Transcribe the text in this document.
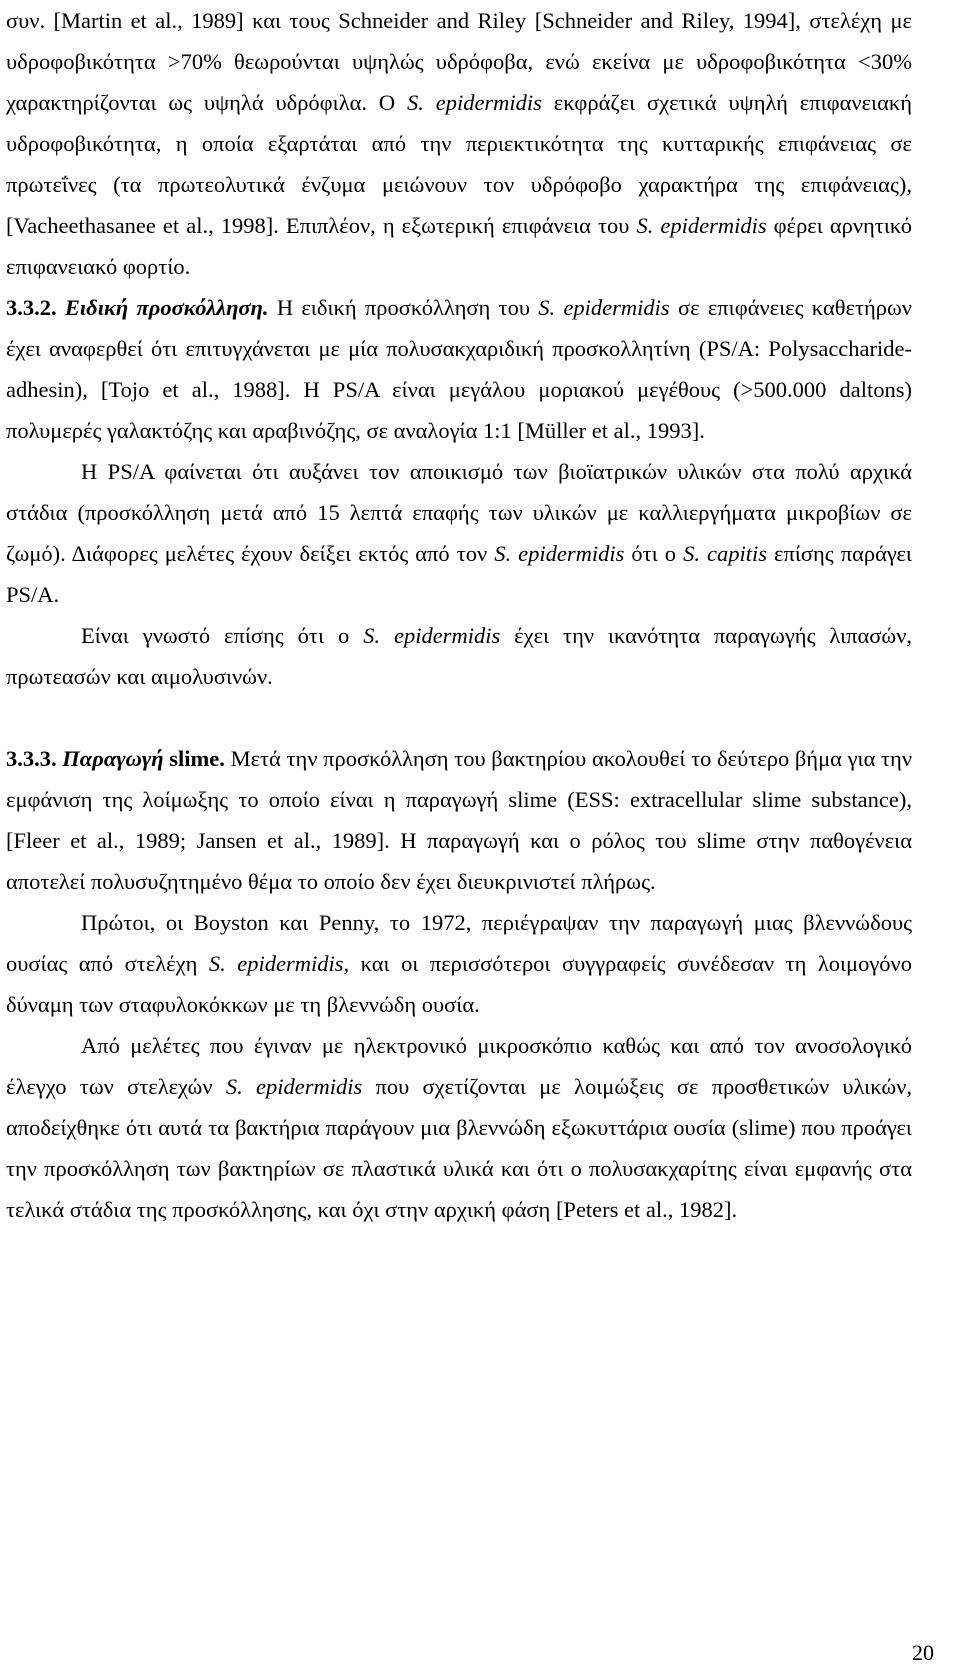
συν. [Martin et al., 1989] και τους Schneider and Riley [Schneider and Riley, 1994], στελέχη με υδροφοβικότητα >70% θεωρούνται υψηλώς υδρόφοβα, ενώ εκείνα με υδροφοβικότητα <30% χαρακτηρίζονται ως υψηλά υδρόφιλα. Ο S. epidermidis εκφράζει σχετικά υψηλή επιφανειακή υδροφοβικότητα, η οποία εξαρτάται από την περιεκτικότητα της κυτταρικής επιφάνειας σε πρωτεΐνες (τα πρωτεολυτικά ένζυμα μειώνουν τον υδρόφοβο χαρακτήρα της επιφάνειας), [Vacheethasanee et al., 1998]. Επιπλέον, η εξωτερική επιφάνεια του S. epidermidis φέρει αρνητικό επιφανειακό φορτίο.

3.3.2. Ειδική προσκόλληση. Η ειδική προσκόλληση του S. epidermidis σε επιφάνειες καθετήρων έχει αναφερθεί ότι επιτυγχάνεται με μία πολυσακχαριδική προσκολλητίνη (PS/A: Polysaccharide-adhesin), [Tojo et al., 1988]. Η PS/A είναι μεγάλου μοριακού μεγέθους (>500.000 daltons) πολυμερές γαλακτόζης και αραβινόζης, σε αναλογία 1:1 [Müller et al., 1993].

Η PS/A φαίνεται ότι αυξάνει τον αποικισμό των βιοϊατρικών υλικών στα πολύ αρχικά στάδια (προσκόλληση μετά από 15 λεπτά επαφής των υλικών με καλλιεργήματα μικροβίων σε ζωμό). Διάφορες μελέτες έχουν δείξει εκτός από τον S. epidermidis ότι ο S. capitis επίσης παράγει PS/A.

Είναι γνωστό επίσης ότι ο S. epidermidis έχει την ικανότητα παραγωγής λιπασών, πρωτεασών και αιμολυσινών.

3.3.3. Παραγωγή slime. Μετά την προσκόλληση του βακτηρίου ακολουθεί το δεύτερο βήμα για την εμφάνιση της λοίμωξης το οποίο είναι η παραγωγή slime (ESS: extracellular slime substance), [Fleer et al., 1989; Jansen et al., 1989]. Η παραγωγή και ο ρόλος του slime στην παθογένεια αποτελεί πολυσυζητημένο θέμα το οποίο δεν έχει διευκρινιστεί πλήρως.

Πρώτοι, οι Boyston και Penny, το 1972, περιέγραψαν την παραγωγή μιας βλεννώδους ουσίας από στελέχη S. epidermidis, και οι περισσότεροι συγγραφείς συνέδεσαν τη λοιμογόνο δύναμη των σταφυλοκόκκων με τη βλεννώδη ουσία.

Από μελέτες που έγιναν με ηλεκτρονικό μικροσκόπιο καθώς και από τον ανοσολογικό έλεγχο των στελεχών S. epidermidis που σχετίζονται με λοιμώξεις σε προσθετικών υλικών, αποδείχθηκε ότι αυτά τα βακτήρια παράγουν μια βλεννώδη εξωκυττάρια ουσία (slime) που προάγει την προσκόλληση των βακτηρίων σε πλαστικά υλικά και ότι ο πολυσακχαρίτης είναι εμφανής στα τελικά στάδια της προσκόλλησης, και όχι στην αρχική φάση [Peters et al., 1982].

20
